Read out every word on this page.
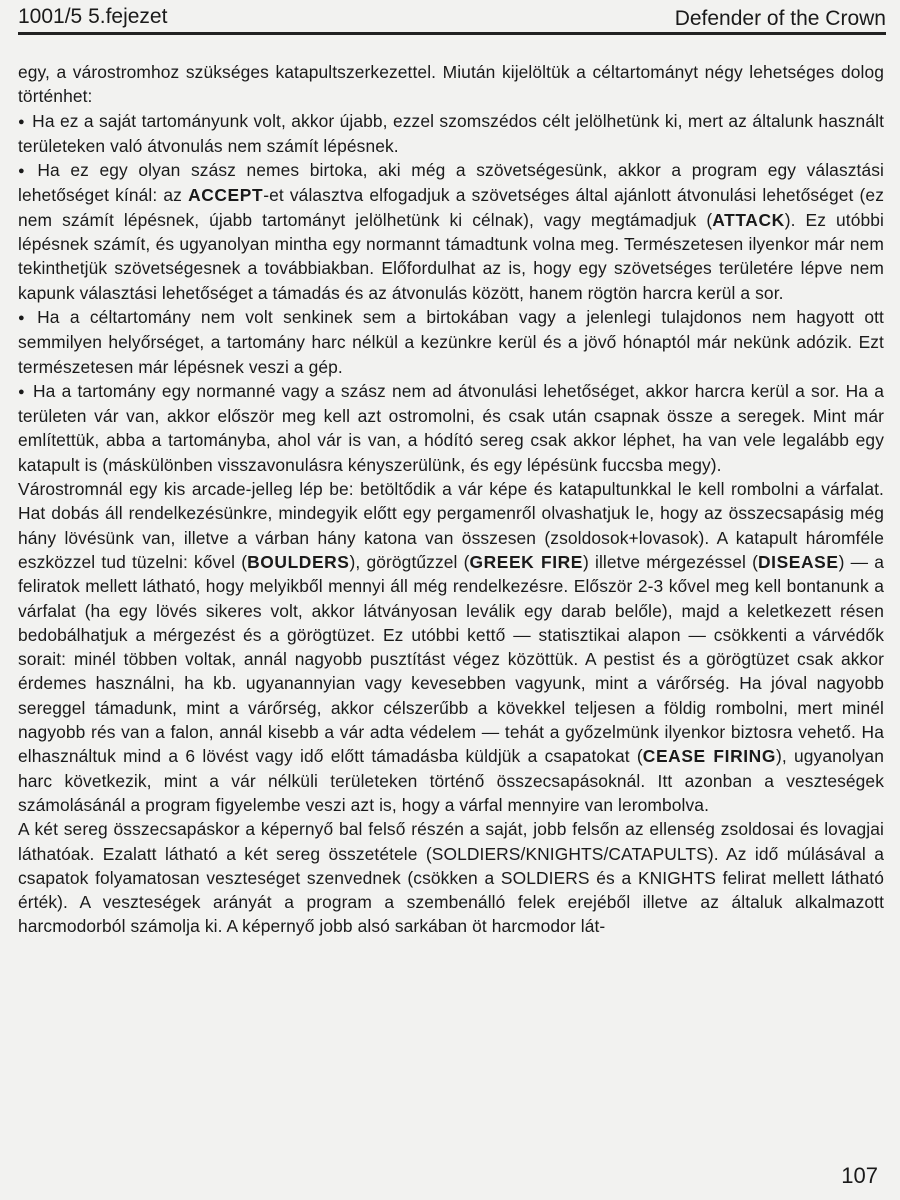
1001/5 5.fejezet	Defender of the Crown

egy, a várostromhoz szükséges katapultszerkezettel. Miután kijelöltük a céltartományt négy lehetséges dolog történhet:

● Ha ez a saját tartományunk volt, akkor újabb, ezzel szomszédos célt jelölhetünk ki, mert az általunk használt területeken való átvonulás nem számít lépésnek.

● Ha ez egy olyan szász nemes birtoka, aki még a szövetségesünk, akkor a program egy választási lehetőséget kínál: az ACCEPT-et választva elfogadjuk a szövetséges által ajánlott átvonulási lehetőséget (ez nem számít lépésnek, újabb tartományt jelölhetünk ki célnak), vagy megtámadjuk (ATTACK). Ez utóbbi lépésnek számít, és ugyanolyan mintha egy normannt támadtunk volna meg. Természetesen ilyenkor már nem tekinthetjük szövetségesnek a továbbiakban. Előfordulhat az is, hogy egy szövetséges területére lépve nem kapunk választási lehetőséget a támadás és az átvonulás között, hanem rögtön harcra kerül a sor.

● Ha a céltartomány nem volt senkinek sem a birtokában vagy a jelenlegi tulajdonos nem hagyott ott semmilyen helyőrséget, a tartomány harc nélkül a kezünkre kerül és a jövő hónaptól már nekünk adózik. Ezt természetesen már lépésnek veszi a gép.

● Ha a tartomány egy normanné vagy a szász nem ad átvonulási lehetőséget, akkor harcra kerül a sor. Ha a területen vár van, akkor először meg kell azt ostromolni, és csak után csapnak össze a seregek. Mint már említettük, abba a tartományba, ahol vár is van, a hódító sereg csak akkor léphet, ha van vele legalább egy katapult is (máskülönben visszavonulásra kényszerülünk, és egy lépésünk fuccsba megy).

Várostromnál egy kis arcade-jelleg lép be: betöltődik a vár képe és katapultunkkal le kell rombolni a várfalat. Hat dobás áll rendelkezésünkre, mindegyik előtt egy pergamenről olvashatjuk le, hogy az összecsapásig még hány lövésünk van, illetve a várban hány katona van összesen (zsoldosok+lovasok). A katapult háromféle eszközzel tud tüzelni: kővel (BOULDERS), görögtűzzel (GREEK FIRE) illetve mérgezéssel (DISEASE) — a feliratok mellett látható, hogy melyikből mennyi áll még rendelkezésre. Először 2-3 kővel meg kell bontanunk a várfalat (ha egy lövés sikeres volt, akkor látványosan leválik egy darab belőle), majd a keletkezett résen bedobálhatjuk a mérgezést és a görögtüzet. Ez utóbbi kettő — statisztikai alapon — csökkenti a várvédők sorait: minél többen voltak, annál nagyobb pusztítást végez közöttük. A pestist és a görögtüzet csak akkor érdemes használni, ha kb. ugyanannyian vagy kevesebben vagyunk, mint a várőrség. Ha jóval nagyobb sereggel támadunk, mint a várőrség, akkor célszerűbb a kövekkel teljesen a földig rombolni, mert minél nagyobb rés van a falon, annál kisebb a vár adta védelem — tehát a győzelmünk ilyenkor biztosra vehető. Ha elhasználtuk mind a 6 lövést vagy idő előtt támadásba küldjük a csapatokat (CEASE FIRING), ugyanolyan harc következik, mint a vár nélküli területeken történő összecsapásoknál. Itt azonban a veszteségek számolásánál a program figyelembe veszi azt is, hogy a várfal mennyire van lerombolva.

A két sereg összecsapáskor a képernyő bal felső részén a saját, jobb felsőn az ellenség zsoldosai és lovagjai láthatóak. Ezalatt látható a két sereg összetétele (SOLDIERS/KNIGHTS/CATAPULTS). Az idő múlásával a csapatok folyamatosan veszteséget szenvednek (csökken a SOLDIERS és a KNIGHTS felirat mellett látható érték). A veszteségek arányát a program a szembenálló felek erejéből illetve az általuk alkalmazott harcmodorból számolja ki. A képernyő jobb alsó sarkában öt harcmodor lát-

107
